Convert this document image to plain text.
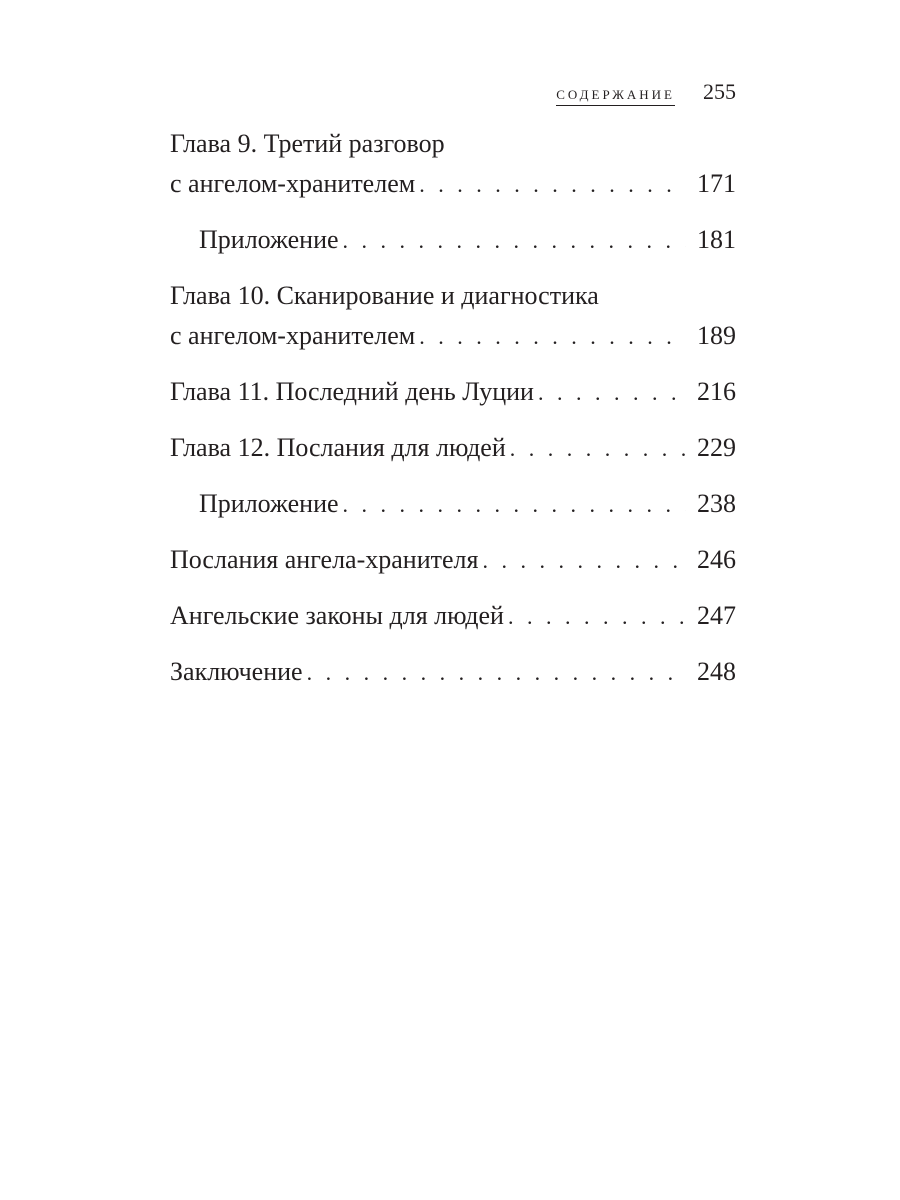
СОДЕРЖАНИЕ 255
Глава 9. Третий разговор
с ангелом-хранителем . . .	171
Приложение . . .	181
Глава 10. Сканирование и диагностика
с ангелом-хранителем . . .	189
Глава 11. Последний день Луции . . .	216
Глава 12. Послания для людей . . .	229
Приложение . . .	238
Послания ангела-хранителя . . .	246
Ангельские законы для людей . . .	247
Заключение . . .	248
